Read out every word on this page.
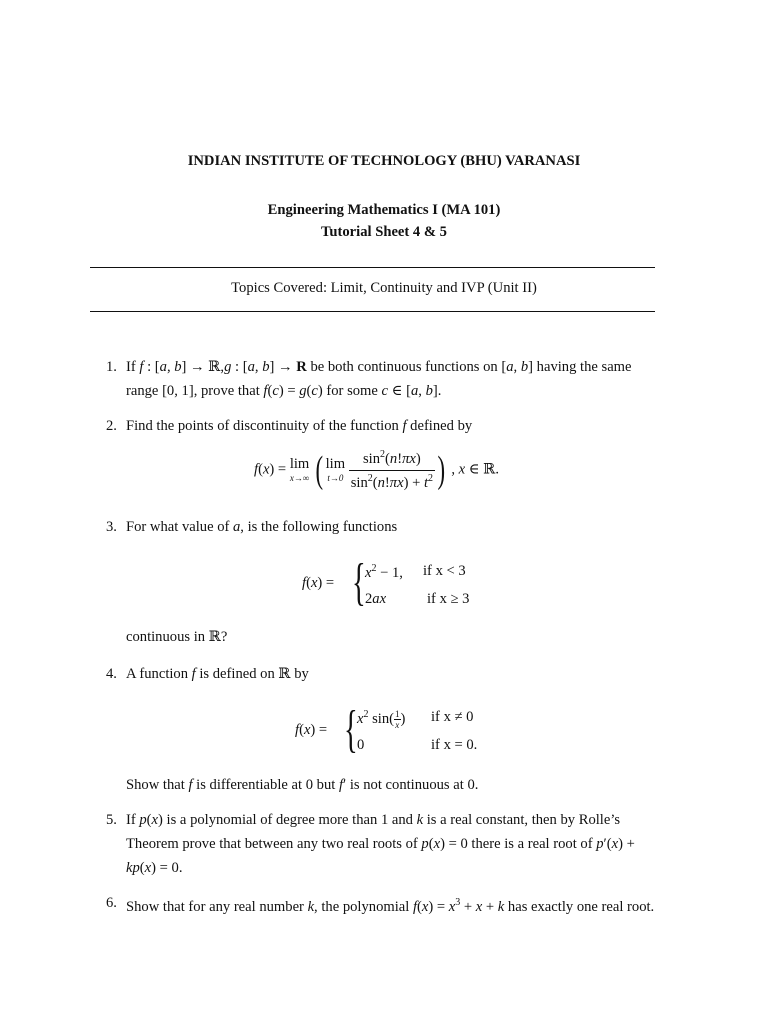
INDIAN INSTITUTE OF TECHNOLOGY (BHU) VARANASI
Engineering Mathematics I (MA 101)
Tutorial Sheet 4 & 5
Topics Covered: Limit, Continuity and IVP (Unit II)
1. If f : [a, b] → ℝ,g : [a, b] → R be both continuous functions on [a, b] having the same range [0, 1], prove that f(c) = g(c) for some c ∈ [a, b].
2. Find the points of discontinuity of the function f defined by
f(x) = lim
x→∞ ( lim
t→0
$\frac{\sin^2(n!\pi x)}{\sin^2(n!\pi x) + t^2}$ ) , x ∈ ℝ.
3. For what value of a, is the following functions
f(x) = { $x^2 - 1$, if x < 3
2ax	if x ≥ 3
continuous in ℝ?
4. A function f is defined on ℝ by
f(x) = { $x^2$ $\sin( \frac{1}{x}$ ) if x ≠ 0
0	if x = 0.
Show that f is differentiable at 0 but f′ is not continuous at 0.
5. If p(x) is a polynomial of degree more than 1 and k is a real constant, then by Rolle’s Theorem prove that between any two real roots of p(x) = 0 there is a real root of p′(x) + kp(x) = 0.
6. Show that for any real number k, the polynomial $f(x) = x^3 + x + k$ has exactly one real root.
